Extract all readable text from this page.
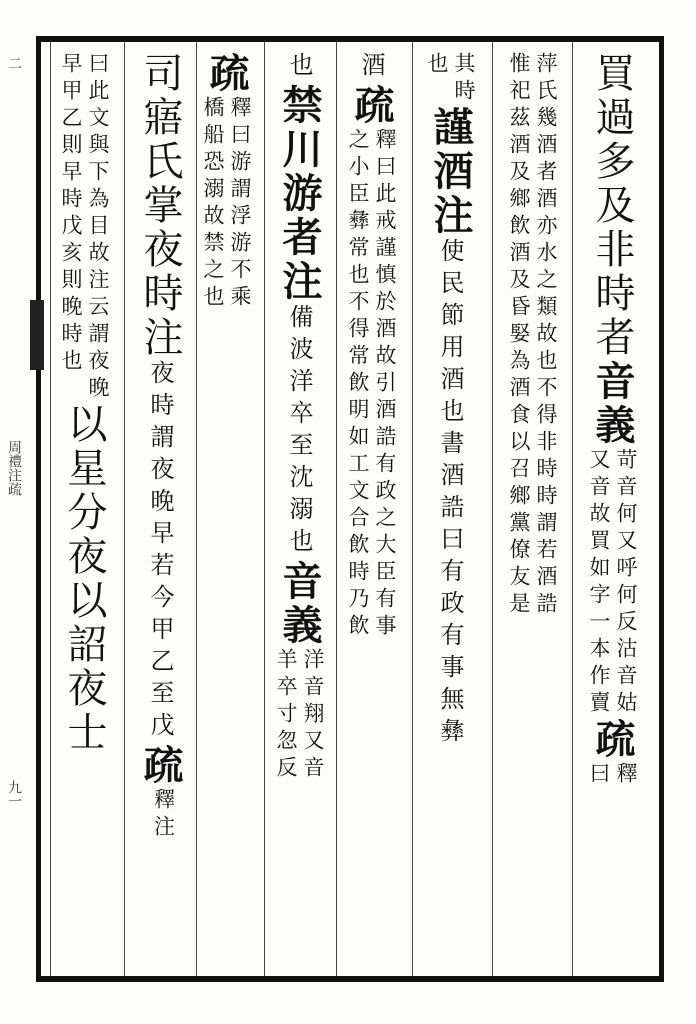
二
周禮注疏
九一
買過多及非時者
音義
苛音何又呼何反沽音姑
又音故買如字一本作賣
疏
釋
曰
萍氏幾酒者酒亦水之類故也不得非時時謂若酒誥
惟祀茲酒及鄉飲酒及昏婜為酒食以召鄉黨僚友是
其時
也
謹酒注
使民節用酒也書酒誥曰有政有事無彝
酒
疏
釋曰此戒謹慎於酒故引酒誥有政之大臣有事
之小臣彝常也不得常飲明如工文合飲時乃飲
也
禁川游者注
備波洋卒至沈溺也
音義
洋音翔又音
羊卒寸忽反
疏
釋曰游謂浮游不乘
橋船恐溺故禁之也
司寤氏掌夜時注
夜時謂夜晚早若今甲乙至戊
疏
釋注
曰此文與下為目故注云謂夜晚
早甲乙則早時戊亥則晚時也
以星分夜以詔夜士
